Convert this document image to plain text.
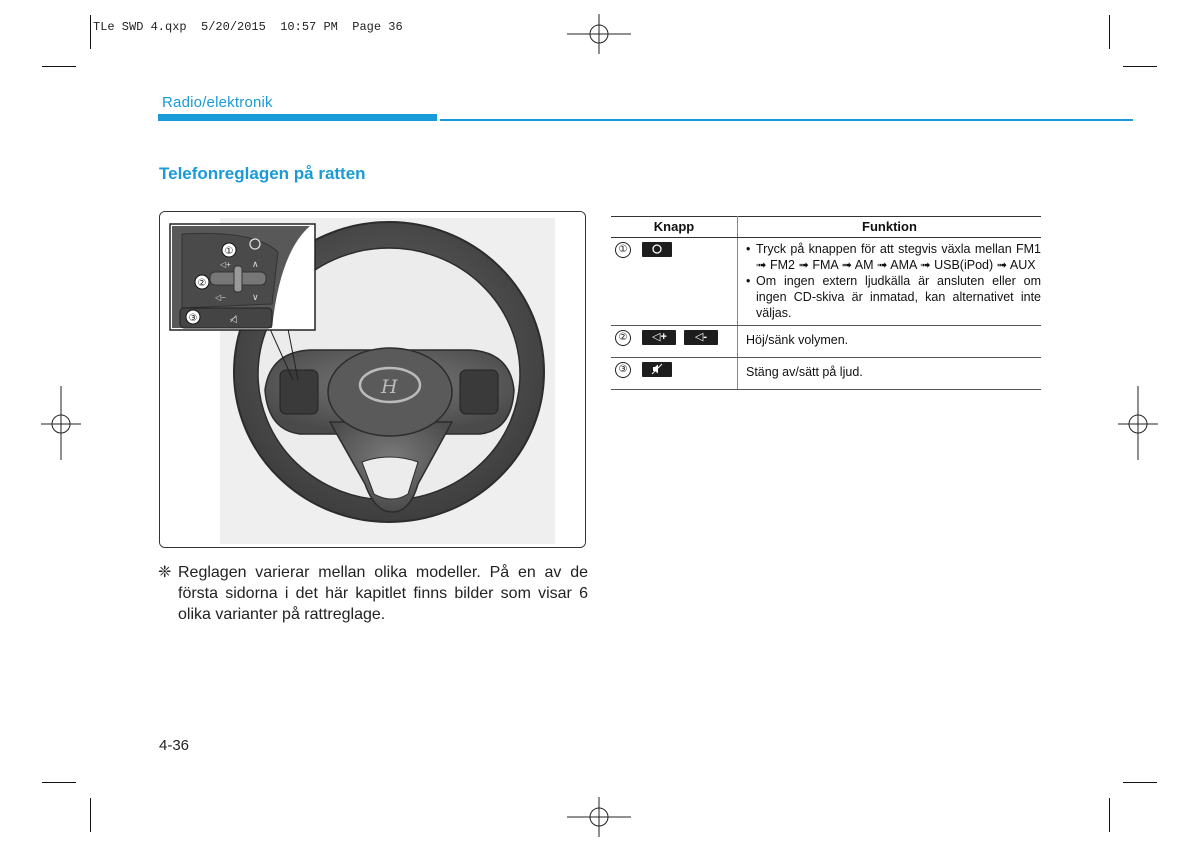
TLe SWD 4.qxp  5/20/2015  10:57 PM  Page 36
Radio/elektronik
Telefonreglagen på ratten
H
◁+ ∧
◁−	∨
◁̸
①
②
③
Knapp	Funktion
①	• Tryck på knappen för att stegvis växla mellan FM1 ➟ FM2 ➟ FMA ➟ AM ➟ AMA ➟ USB(iPod) ➟ AUX
• Om ingen extern ljudkälla är ansluten eller om ingen CD-skiva är inmatad, kan alternativet inte väljas.

② ◁+ ◁-	Höj/sänk volymen.
③	Stäng av/sätt på ljud.
❈ Reglagen varierar mellan olika modeller. På en av de första sidorna i det här kapitlet finns bilder som visar 6 olika varianter på rattreglage.
4-36
